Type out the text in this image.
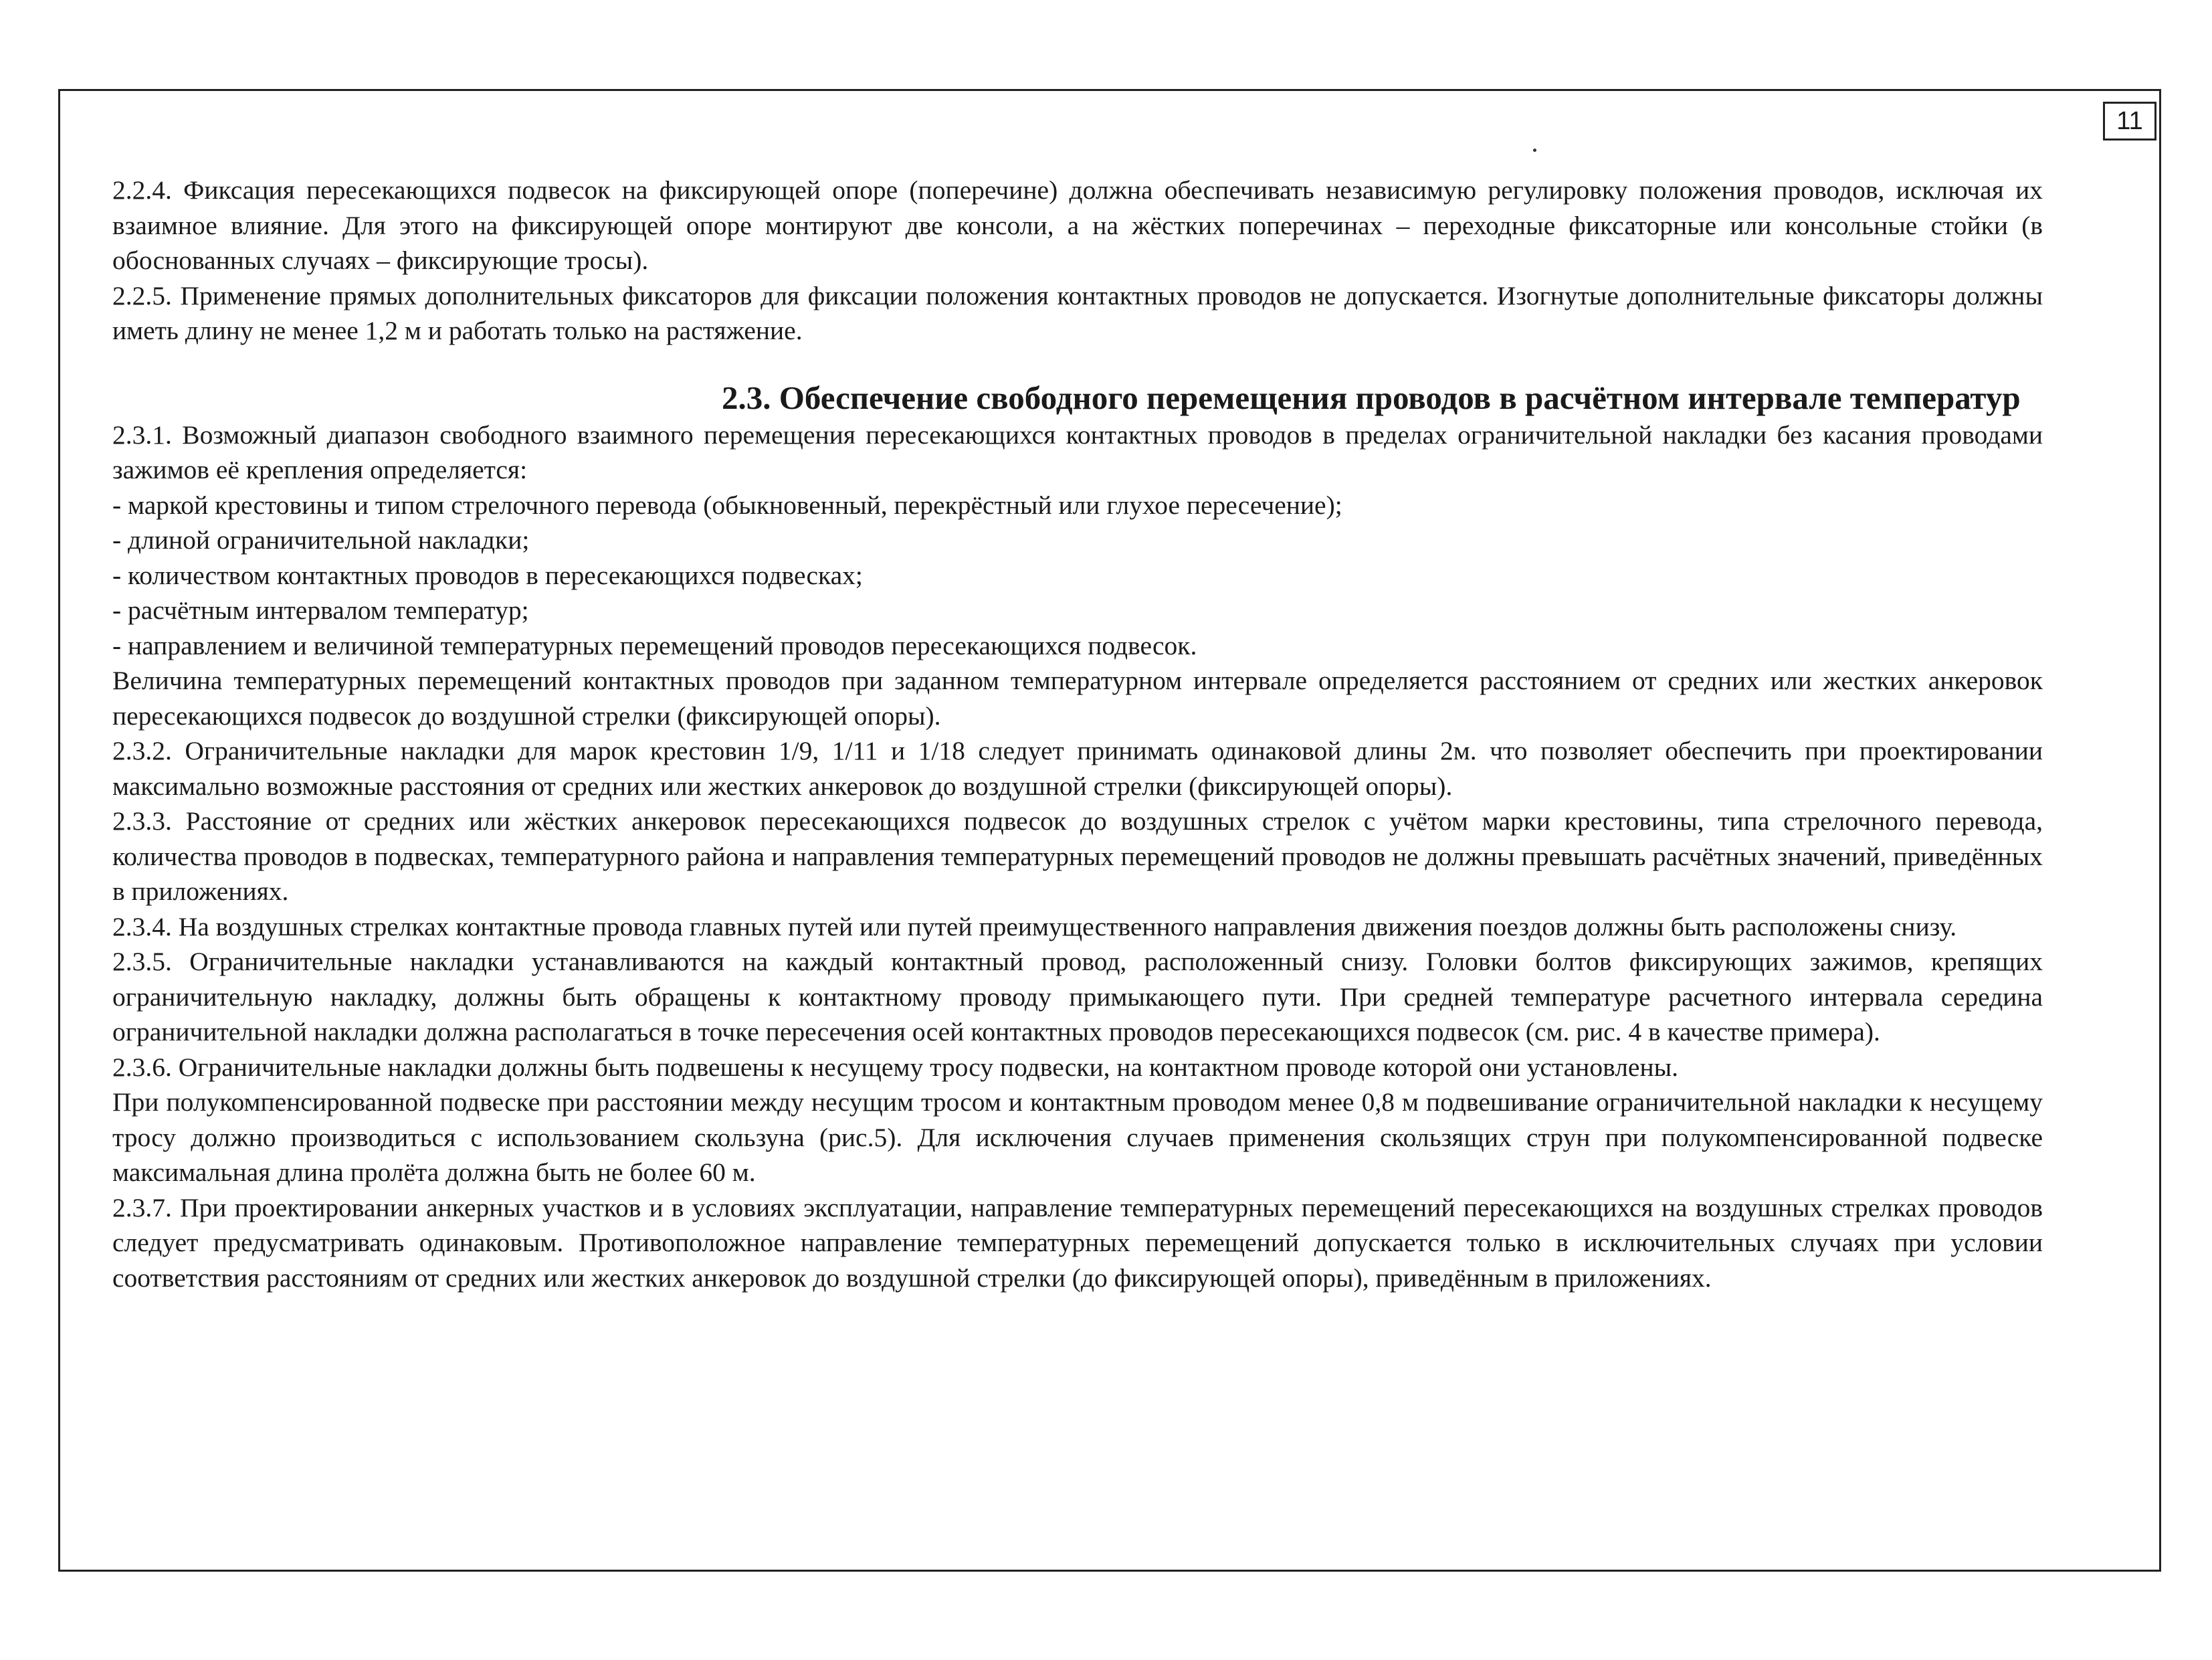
11

2.2.4. Фиксация пересекающихся подвесок на фиксирующей опоре (поперечине) должна обеспечивать независимую регулировку положения проводов, исключая их взаимное влияние. Для этого на фиксирующей опоре монтируют две консоли, а на жёстких поперечинах – переходные фиксаторные или консольные стойки (в обоснованных случаях – фиксирующие тросы).

2.2.5. Применение прямых дополнительных фиксаторов для фиксации положения контактных проводов не допускается. Изогнутые дополнительные фиксаторы должны иметь длину не менее 1,2 м и работать только на растяжение.

2.3. Обеспечение свободного перемещения проводов в расчётном интервале температур

2.3.1. Возможный диапазон свободного взаимного перемещения пересекающихся контактных проводов в пределах ограничительной накладки без касания проводами зажимов её крепления определяется:

- маркой крестовины и типом стрелочного перевода (обыкновенный, перекрёстный или глухое пересечение);

- длиной ограничительной накладки;

- количеством контактных проводов в пересекающихся подвесках;

- расчётным интервалом температур;

- направлением и величиной температурных перемещений проводов пересекающихся подвесок.

Величина температурных перемещений контактных проводов при заданном температурном интервале определяется расстоянием от средних или жестких анкеровок пересекающихся подвесок до воздушной стрелки (фиксирующей опоры).

2.3.2. Ограничительные накладки для марок крестовин 1/9, 1/11 и 1/18 следует принимать одинаковой длины 2м. что позволяет обеспечить при проектировании максимально возможные расстояния от средних или жестких анкеровок до воздушной стрелки (фиксирующей опоры).

2.3.3. Расстояние от средних или жёстких анкеровок пересекающихся подвесок до воздушных стрелок с учётом марки крестовины, типа стрелочного перевода, количества проводов в подвесках, температурного района и направления температурных перемещений проводов не должны превышать расчётных значений, приведённых в приложениях.

2.3.4. На воздушных стрелках контактные провода главных путей или путей преимущественного направления движения поездов должны быть расположены снизу.

2.3.5. Ограничительные накладки устанавливаются на каждый контактный провод, расположенный снизу. Головки болтов фиксирующих зажимов, крепящих ограничительную накладку, должны быть обращены к контактному проводу примыкающего пути. При средней температуре расчетного интервала середина ограничительной накладки должна располагаться в точке пересечения осей контактных проводов пересекающихся подвесок (см. рис. 4 в качестве примера).

2.3.6. Ограничительные накладки должны быть подвешены к несущему тросу подвески, на контактном проводе которой они установлены.

При полукомпенсированной подвеске при расстоянии между несущим тросом и контактным проводом менее 0,8 м подвешивание ограничительной накладки к несущему тросу должно производиться с использованием скользуна (рис.5). Для исключения случаев применения скользящих струн при полукомпенсированной подвеске максимальная длина пролёта должна быть не более 60 м.

2.3.7. При проектировании анкерных участков и в условиях эксплуатации, направление температурных перемещений пересекающихся на воздушных стрелках проводов следует предусматривать одинаковым. Противоположное направление температурных перемещений допускается только в исключительных случаях при условии соответствия расстояниям от средних или жестких анкеровок до воздушной стрелки (до фиксирующей опоры), приведённым в приложениях.
